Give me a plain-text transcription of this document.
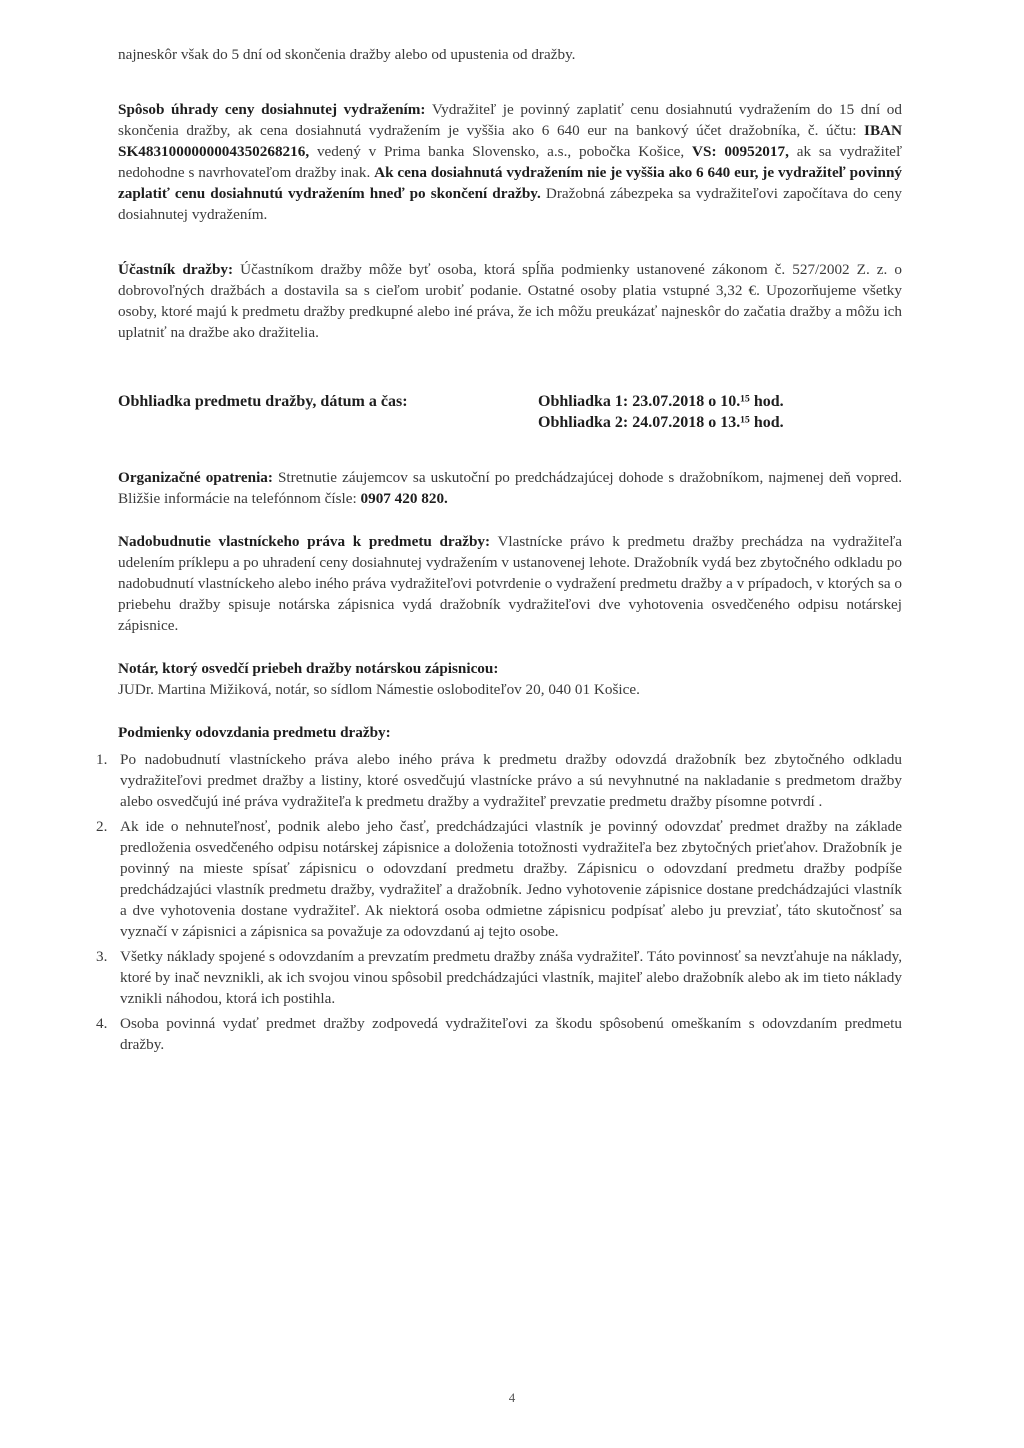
najneskôr však do 5 dní od skončenia dražby alebo od upustenia od dražby.

Spôsob úhrady ceny dosiahnutej vydražením: Vydražiteľ je povinný zaplatiť cenu dosiahnutú vydražením do 15 dní od skončenia dražby, ak cena dosiahnutá vydražením je vyššia ako 6 640 eur na bankový účet dražobníka, č. účtu: IBAN SK4831000000004350268216, vedený v Prima banka Slovensko, a.s., pobočka Košice, VS: 00952017, ak sa vydražiteľ nedohodne s navrhovateľom dražby inak. Ak cena dosiahnutá vydražením nie je vyššia ako 6 640 eur, je vydražiteľ povinný zaplatiť cenu dosiahnutú vydražením hneď po skončení dražby. Dražobná zábezpeka sa vydražiteľovi započítava do ceny dosiahnutej vydražením.

Účastník dražby: Účastníkom dražby môže byť osoba, ktorá spĺňa podmienky ustanovené zákonom č. 527/2002 Z. z. o dobrovoľných dražbách a dostavila sa s cieľom urobiť podanie. Ostatné osoby platia vstupné 3,32 €. Upozorňujeme všetky osoby, ktoré majú k predmetu dražby predkupné alebo iné práva, že ich môžu preukázať najneskôr do začatia dražby a môžu ich uplatniť na dražbe ako dražitelia.

Obhliadka predmetu dražby, dátum a čas:	Obhliadka 1: 23.07.2018 o 10.¹⁵ hod.
Obhliadka 2: 24.07.2018 o 13.¹⁵ hod.

Organizačné opatrenia: Stretnutie záujemcov sa uskutoční po predchádzajúcej dohode s dražobníkom, najmenej deň vopred. Bližšie informácie na telefónnom čísle: 0907 420 820.

Nadobudnutie vlastníckeho práva k predmetu dražby: Vlastnícke právo k predmetu dražby prechádza na vydražiteľa udelením príklepu a po uhradení ceny dosiahnutej vydražením v ustanovenej lehote. Dražobník vydá bez zbytočného odkladu po nadobudnutí vlastníckeho alebo iného práva vydražiteľovi potvrdenie o vydražení predmetu dražby a v prípadoch, v ktorých sa o priebehu dražby spisuje notárska zápisnica vydá dražobník vydražiteľovi dve vyhotovenia osvedčeného odpisu notárskej zápisnice.

Notár, ktorý osvedčí priebeh dražby notárskou zápisnicou:

JUDr. Martina Mižiková, notár, so sídlom Námestie osloboditeľov 20, 040 01 Košice.

Podmienky odovzdania predmetu dražby:
1. Po nadobudnutí vlastníckeho práva alebo iného práva k predmetu dražby odovzdá dražobník bez zbytočného odkladu vydražiteľovi predmet dražby a listiny, ktoré osvedčujú vlastnícke právo a sú nevyhnutné na nakladanie s predmetom dražby alebo osvedčujú iné práva vydražiteľa k predmetu dražby a vydražiteľ prevzatie predmetu dražby písomne potvrdí .
2. Ak ide o nehnuteľnosť, podnik alebo jeho časť, predchádzajúci vlastník je povinný odovzdať predmet dražby na základe predloženia osvedčeného odpisu notárskej zápisnice a doloženia totožnosti vydražiteľa bez zbytočných prieťahov. Dražobník je povinný na mieste spísať zápisnicu o odovzdaní predmetu dražby. Zápisnicu o odovzdaní predmetu dražby podpíše predchádzajúci vlastník predmetu dražby, vydražiteľ a dražobník. Jedno vyhotovenie zápisnice dostane predchádzajúci vlastník a dve vyhotovenia dostane vydražiteľ. Ak niektorá osoba odmietne zápisnicu podpísať alebo ju prevziať, táto skutočnosť sa vyznačí v zápisnici a zápisnica sa považuje za odovzdanú aj tejto osobe.
3. Všetky náklady spojené s odovzdaním a prevzatím predmetu dražby znáša vydražiteľ. Táto povinnosť sa nevzťahuje na náklady, ktoré by inač nevznikli, ak ich svojou vinou spôsobil predchádzajúci vlastník, majiteľ alebo dražobník alebo ak im tieto náklady vznikli náhodou, ktorá ich postihla.
4. Osoba povinná vydať predmet dražby zodpovedá vydražiteľovi za škodu spôsobenú omeškaním s odovzdaním predmetu dražby.
4
